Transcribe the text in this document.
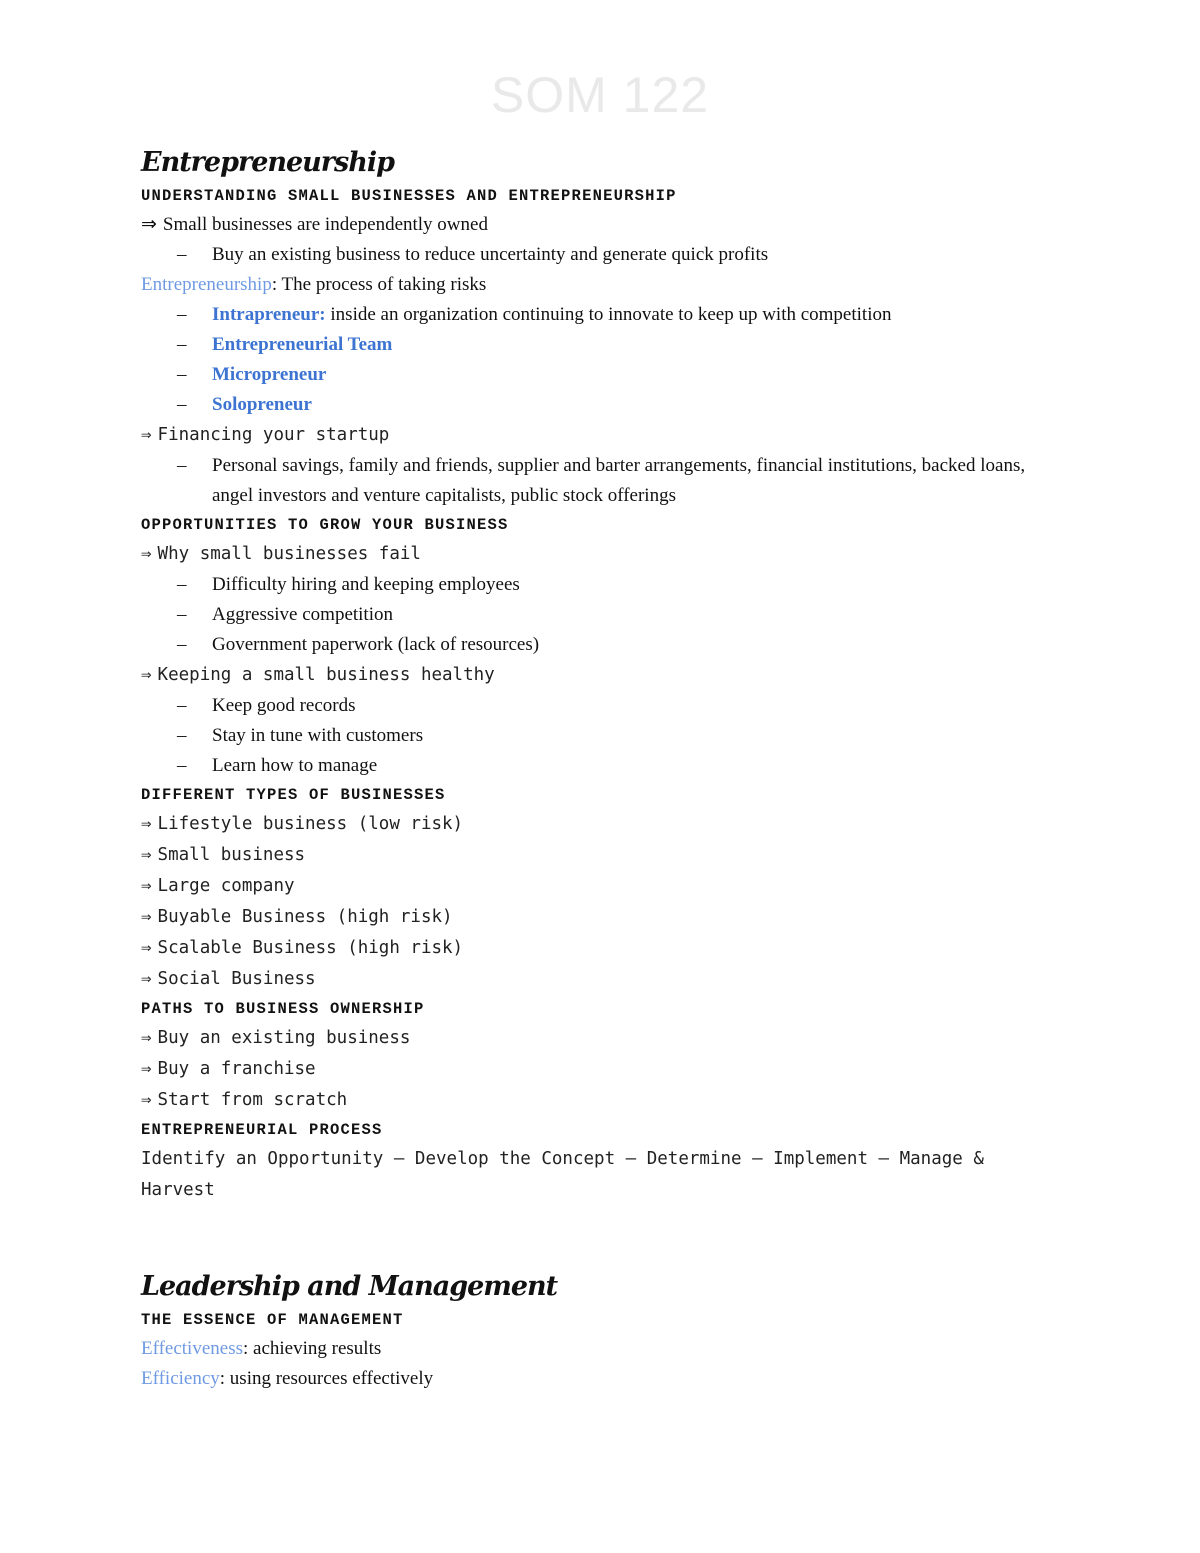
SOM 122
Entrepreneurship
UNDERSTANDING SMALL BUSINESSES AND ENTREPRENEURSHIP
⇒ Small businesses are independently owned
–	Buy an existing business to reduce uncertainty and generate quick profits
Entrepreneurship: The process of taking risks
–	Intrapreneur: inside an organization continuing to innovate to keep up with competition
–	Entrepreneurial Team
–	Micropreneur
–	Solopreneur
⇒ Financing your startup
–	Personal savings, family and friends, supplier and barter arrangements, financial institutions, backed loans, angel investors and venture capitalists, public stock offerings
OPPORTUNITIES TO GROW YOUR BUSINESS
⇒ Why small businesses fail
–	Difficulty hiring and keeping employees
–	Aggressive competition
–	Government paperwork (lack of resources)
⇒ Keeping a small business healthy
–	Keep good records
–	Stay in tune with customers
–	Learn how to manage
DIFFERENT TYPES OF BUSINESSES
⇒ Lifestyle business (low risk)
⇒ Small business
⇒ Large company
⇒ Buyable Business (high risk)
⇒ Scalable Business (high risk)
⇒ Social Business
PATHS TO BUSINESS OWNERSHIP
⇒ Buy an existing business
⇒ Buy a franchise
⇒ Start from scratch
ENTREPRENEURIAL PROCESS
Identify an Opportunity – Develop the Concept – Determine – Implement – Manage & Harvest
Leadership and Management
THE ESSENCE OF MANAGEMENT
Effectiveness: achieving results
Efficiency: using resources effectively
